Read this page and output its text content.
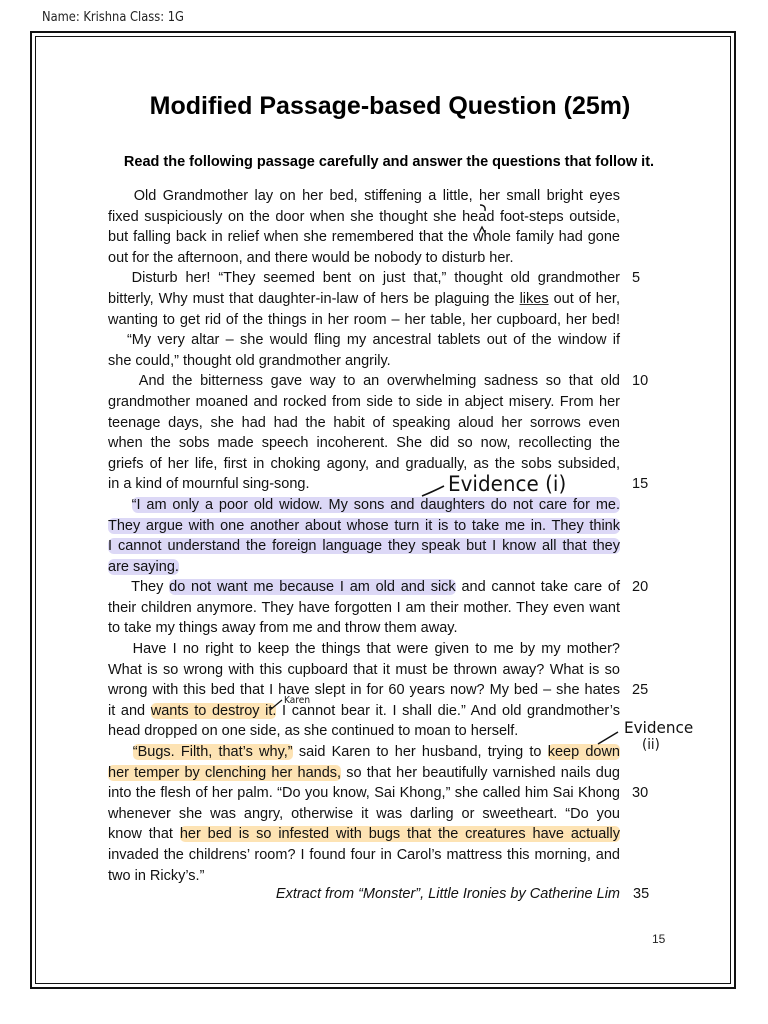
Name: Krishna Class: 1G
Modified Passage-based Question (25m)
Read the following passage carefully and answer the questions that follow it.
Old Grandmother lay on her bed, stiffening a little, her small bright eyes
fixed suspiciously on the door when she thought she head foot-steps outside,
but falling back in relief when she remembered that the whole family had gone
out for the afternoon, and there would be nobody to disturb her.
Disturb her! “They seemed bent on just that,” thought old grandmother 5
bitterly, Why must that daughter-in-law of hers be plaguing the likes out of her,
wanting to get rid of the things in her room – her table, her cupboard, her bed!
“My very altar – she would fling my ancestral tablets out of the window if
she could,” thought old grandmother angrily.
And the bitterness gave way to an overwhelming sadness so that old 10
grandmother moaned and rocked from side to side in abject misery. From her
teenage days, she had had the habit of speaking aloud her sorrows even
when the sobs made speech incoherent. She did so now, recollecting the
griefs of her life, first in choking agony, and gradually, as the sobs subsided,
in a kind of mournful sing-song.	15
“I am only a poor old widow. My sons and daughters do not care for me.
They argue with one another about whose turn it is to take me in. They think
I cannot understand the foreign language they speak but I know all that they
are saying.
They do not want me because I am old and sick and cannot take care of 20
their children anymore. They have forgotten I am their mother. They even want
to take my things away from me and throw them away.
Have I no right to keep the things that were given to me by my mother?
What is so wrong with this cupboard that it must be thrown away? What is so
wrong with this bed that I have slept in for 60 years now? My bed – she hates 25
it and wants to destroy it. I cannot bear it. I shall die.” And old grandmother’s
head dropped on one side, as she continued to moan to herself.
“Bugs. Filth, that’s why,” said Karen to her husband, trying to keep down
her temper by clenching her hands, so that her beautifully varnished nails dug
into the flesh of her palm. “Do you know, Sai Khong,” she called him Sai Khong 30
whenever she was angry, otherwise it was darling or sweetheart. “Do you
know that her bed is so infested with bugs that the creatures have actually
invaded the childrens’ room? I found four in Carol’s mattress this morning, and
two in Ricky’s.”
Extract from “Monster”, Little Ironies by Catherine Lim 35
15
Evidence (i)
Evidence
(ii)
Karen
